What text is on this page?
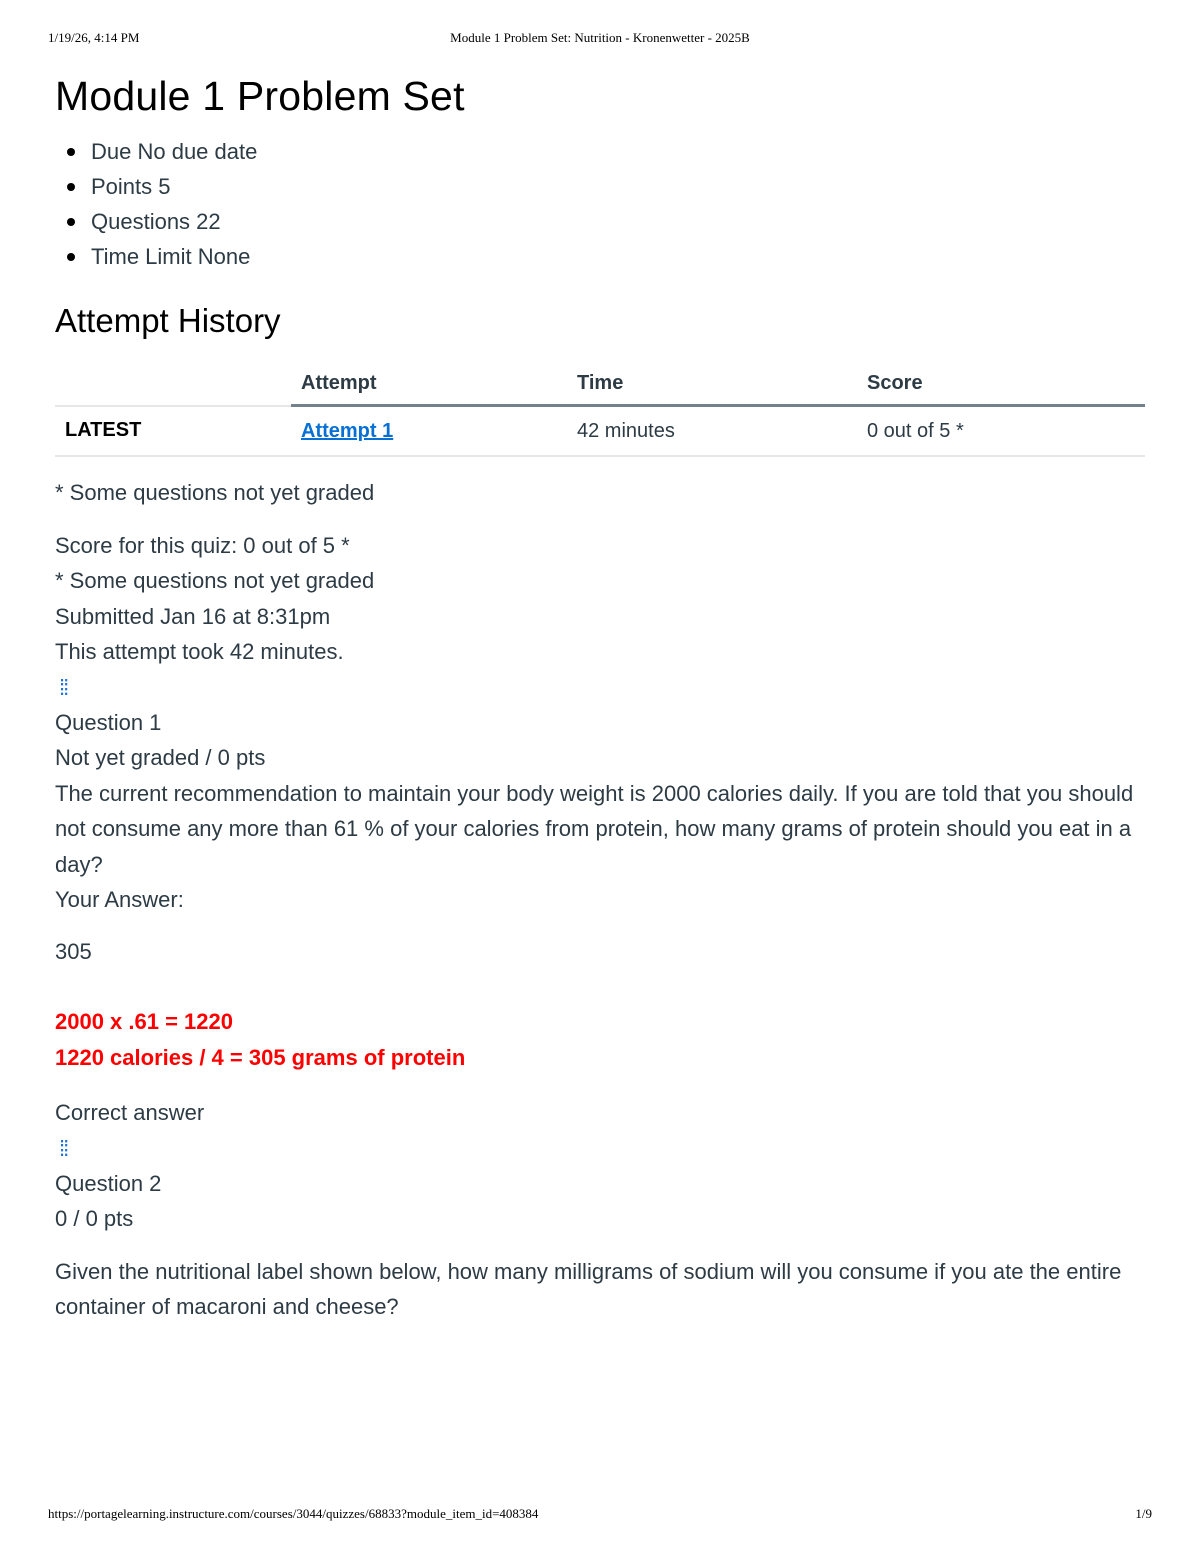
1/19/26, 4:14 PM	Module 1 Problem Set: Nutrition - Kronenwetter - 2025B
Module 1 Problem Set
Due No due date
Points 5
Questions 22
Time Limit None
Attempt History
	Attempt	Time	Score
LATEST	Attempt 1	42 minutes	0 out of 5 *

* Some questions not yet graded

Score for this quiz: 0 out of 5 *

* Some questions not yet graded

Submitted Jan 16 at 8:31pm

This attempt took 42 minutes.

⁞⁞

Question 1

Not yet graded / 0 pts

The current recommendation to maintain your body weight is 2000 calories daily. If you are told that you should not consume any more than 61 % of your calories from protein, how many grams of protein should you eat in a day?

Your Answer:

305

2000 x .61 = 1220

1220 calories / 4 = 305 grams of protein

Correct answer

⁞⁞

Question 2

0 / 0 pts

Given the nutritional label shown below, how many milligrams of sodium will you consume if you ate the entire container of macaroni and cheese?

https://portagelearning.instructure.com/courses/3044/quizzes/68833?module_item_id=408384	1/9
